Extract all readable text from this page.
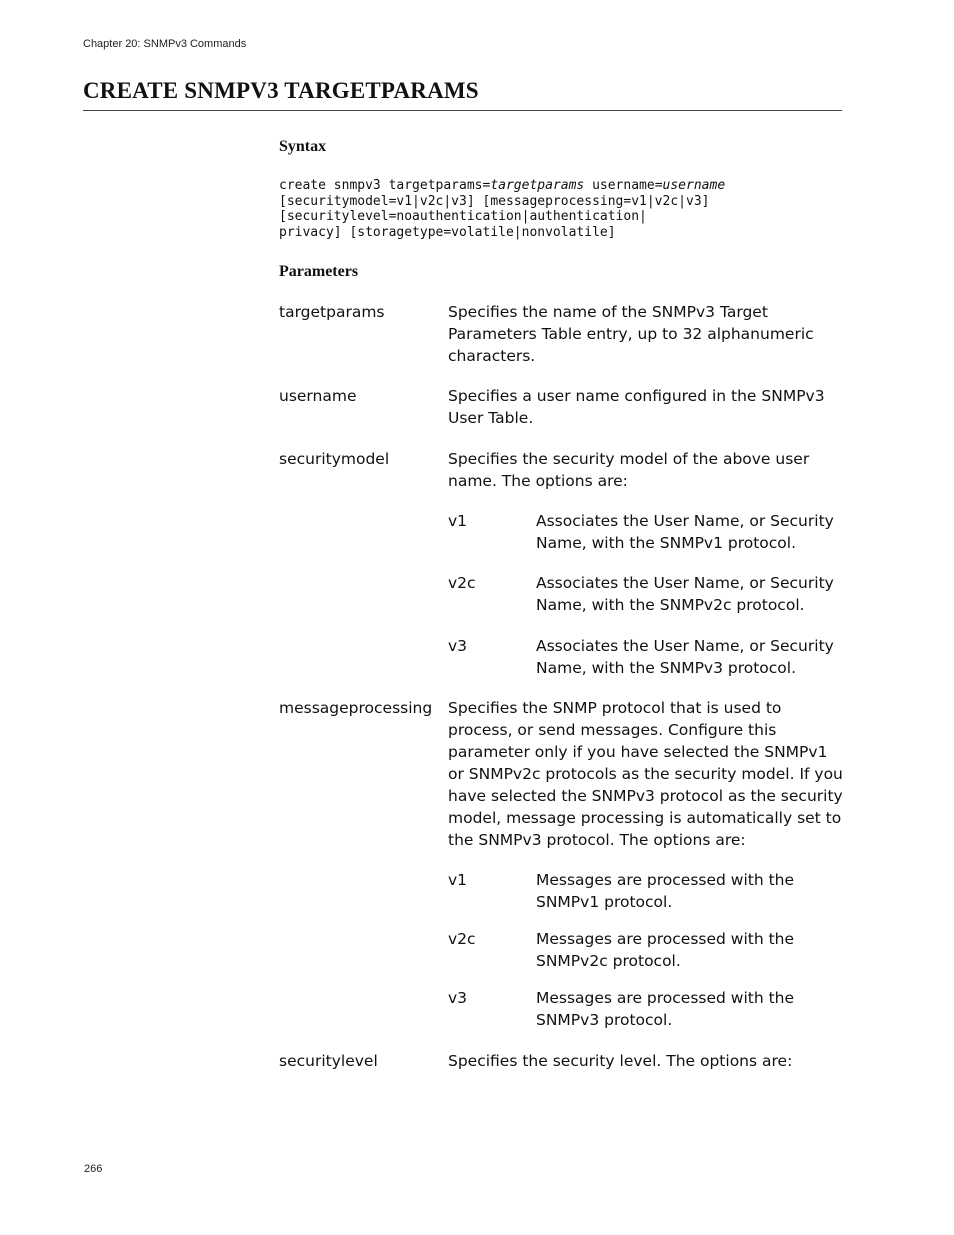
Chapter 20: SNMPv3 Commands
CREATE SNMPV3 TARGETPARAMS
Syntax
create snmpv3 targetparams=targetparams username=username
[securitymodel=v1|v2c|v3] [messageprocessing=v1|v2c|v3]
[securitylevel=noauthentication|authentication|
privacy] [storagetype=volatile|nonvolatile]
Parameters
targetparams	Specifies the name of the SNMPv3 Target Parameters Table entry, up to 32 alphanumeric characters.
username	Specifies a user name configured in the SNMPv3 User Table.
securitymodel	Specifies the security model of the above user name. The options are:
v1	Associates the User Name, or Security Name, with the SNMPv1 protocol.
v2c	Associates the User Name, or Security Name, with the SNMPv2c protocol.
v3	Associates the User Name, or Security Name, with the SNMPv3 protocol.
messageprocessing Specifies the SNMP protocol that is used to process, or send messages. Configure this parameter only if you have selected the SNMPv1 or SNMPv2c protocols as the security model. If you have selected the SNMPv3 protocol as the security model, message processing is automatically set to the SNMPv3 protocol. The options are:
v1	Messages are processed with the SNMPv1 protocol.
v2c	Messages are processed with the SNMPv2c protocol.
v3	Messages are processed with the SNMPv3 protocol.
securitylevel	Specifies the security level. The options are:
266
